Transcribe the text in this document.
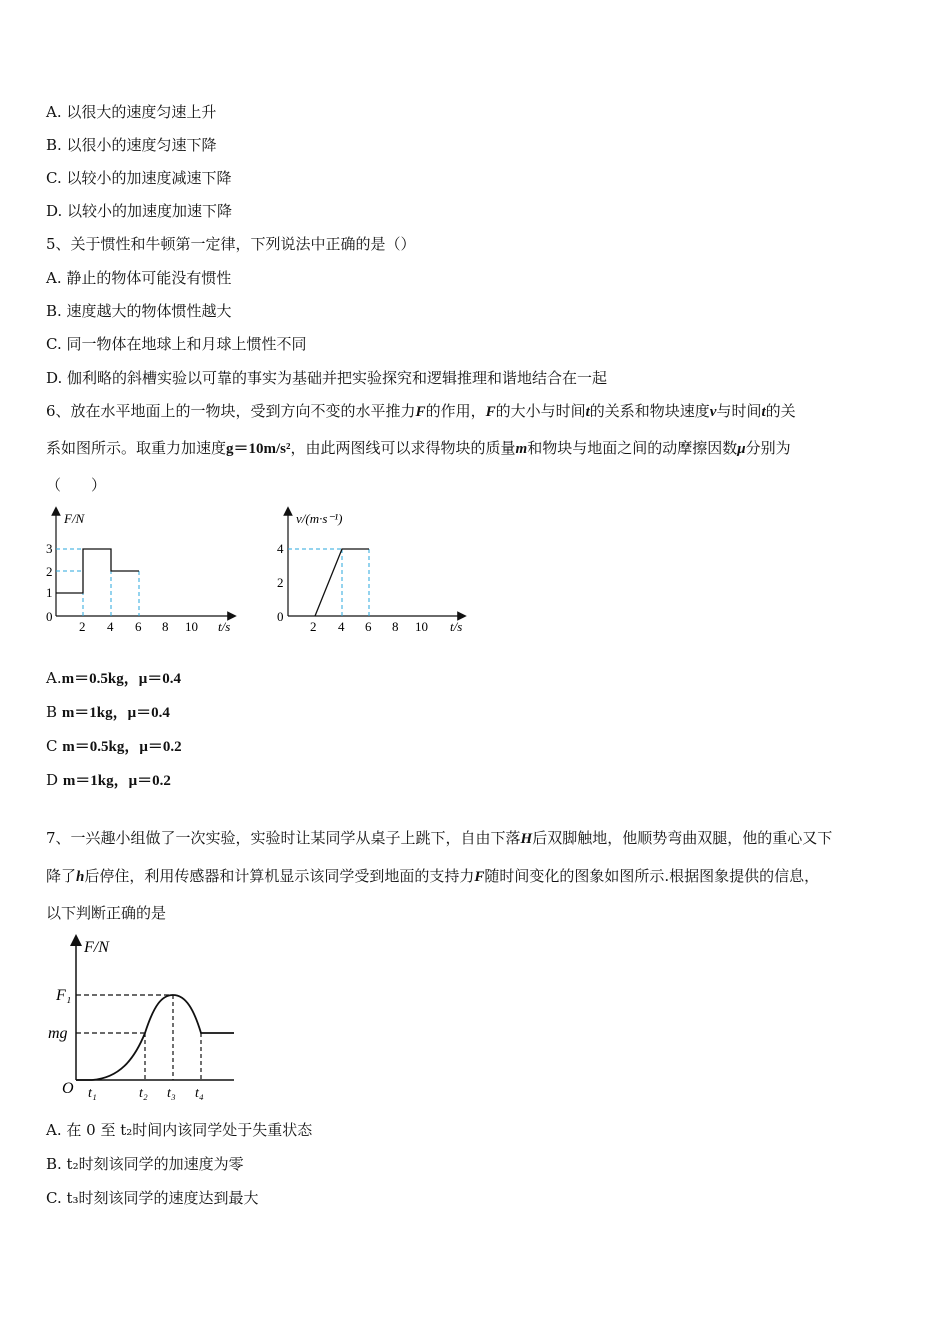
A. 以很大的速度匀速上升
B. 以很小的速度匀速下降
C. 以较小的加速度减速下降
D. 以较小的加速度加速下降
5、关于惯性和牛顿第一定律，下列说法中正确的是（）
A. 静止的物体可能没有惯性
B. 速度越大的物体惯性越大
C. 同一物体在地球上和月球上惯性不同
D. 伽利略的斜槽实验以可靠的事实为基础并把实验探究和逻辑推理和谐地结合在一起
6、放在水平地面上的一物块，受到方向不变的水平推力F的作用，F的大小与时间t的关系和物块速度v与时间t的关
系如图所示。取重力加速度g＝10m/s²，由此两图线可以求得物块的质量m和物块与地面之间的动摩擦因数μ分别为
（　　）
F/N
t/s
0
1
2
3
2 4 6 8 10
v/(m·s⁻¹)
t/s
0
2
4
2 4 6 8 10
A.m＝0.5kg，μ＝0.4
B m＝1kg，μ＝0.4
C m＝0.5kg，μ＝0.2
D m＝1kg，μ＝0.2
7、一兴趣小组做了一次实验，实验时让某同学从桌子上跳下，自由下落H后双脚触地，他顺势弯曲双腿，他的重心又下
降了h后停住，利用传感器和计算机显示该同学受到地面的支持力F随时间变化的图象如图所示.根据图象提供的信息，
以下判断正确的是
F/N
O
mg
F₁
t₁	t₂ t₃ t₄
A. 在 0 至 t₂时间内该同学处于失重状态
B. t₂时刻该同学的加速度为零
C. t₃时刻该同学的速度达到最大
